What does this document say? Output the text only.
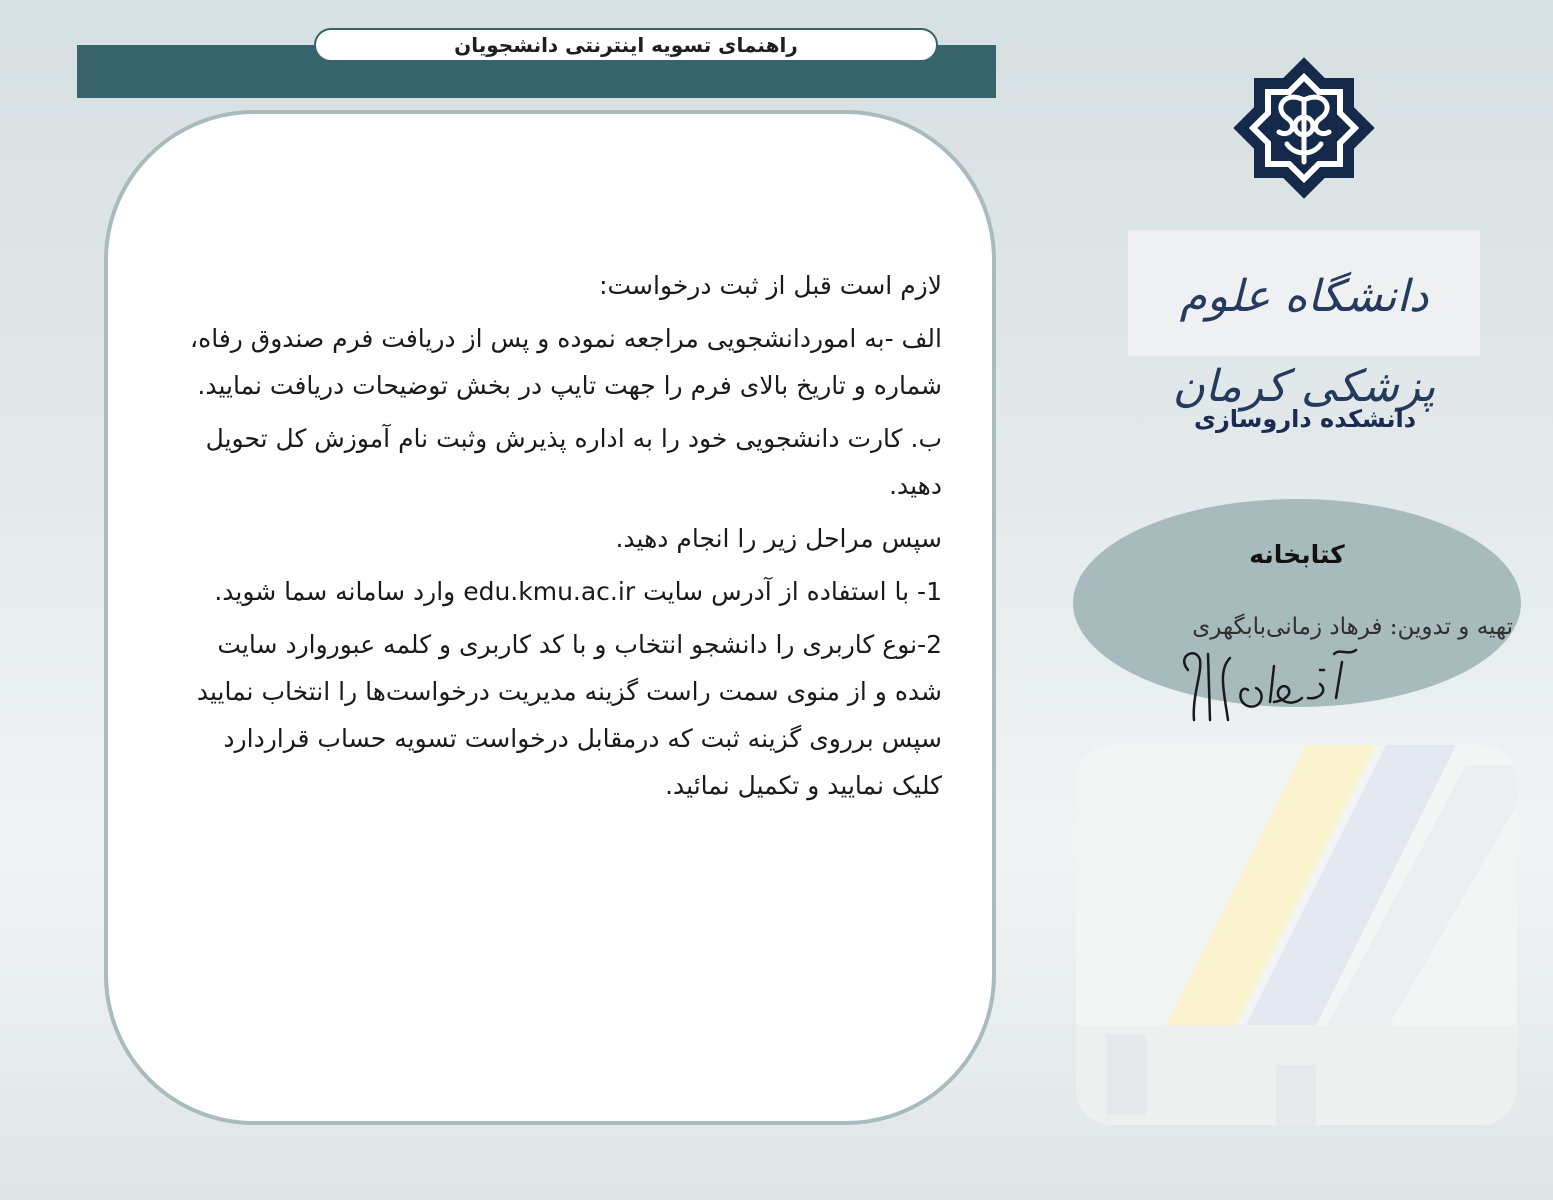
راهنمای تسویه اینترنتی دانشجویان

لازم است قبل از ثبت درخواست:

الف -به اموردانشجویی مراجعه نموده و پس از دریافت فرم صندوق رفاه، شماره و تاریخ بالای فرم را جهت تایپ در بخش توضیحات دریافت نمایید.

ب. کارت دانشجویی خود را به اداره پذیرش وثبت نام آموزش کل تحویل دهید.

سپس مراحل زیر را انجام دهید.

1- با استفاده از آدرس سایت edu.kmu.ac.ir وارد سامانه سما شوید.

2-نوع کاربری را دانشجو انتخاب و با کد کاربری و کلمه عبوروارد سایت شده و از منوی سمت راست گزینه مدیریت درخواست‌ها را انتخاب نمایید سپس برروی گزینه ثبت که درمقابل درخواست تسویه حساب قراردارد کلیک نمایید و تکمیل نمائید.

دانشگاه علوم پزشکی کرمان
دانشکده داروسازی
کتابخانه
تهیه و تدوین: فرهاد زمانی‌بابگهری
